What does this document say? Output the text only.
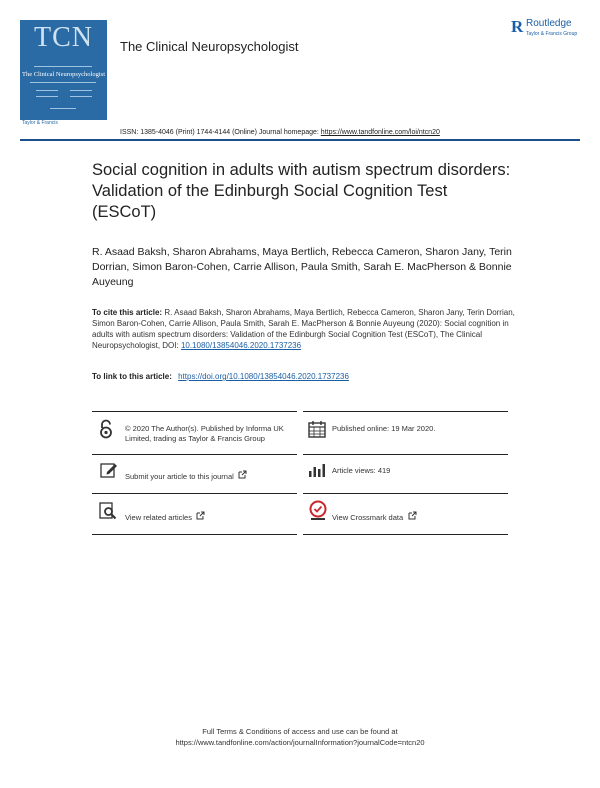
TCN
The Clinical Neuropsychologist
Taylor & Francis
The Clinical Neuropsychologist
R Routledge
Taylor & Francis Group
ISSN: 1385-4046 (Print) 1744-4144 (Online) Journal homepage: https://www.tandfonline.com/loi/ntcn20
Social cognition in adults with autism spectrum disorders: Validation of the Edinburgh Social Cognition Test (ESCoT)
R. Asaad Baksh, Sharon Abrahams, Maya Bertlich, Rebecca Cameron, Sharon Jany, Terin Dorrian, Simon Baron-Cohen, Carrie Allison, Paula Smith, Sarah E. MacPherson & Bonnie Auyeung
To cite this article: R. Asaad Baksh, Sharon Abrahams, Maya Bertlich, Rebecca Cameron, Sharon Jany, Terin Dorrian, Simon Baron-Cohen, Carrie Allison, Paula Smith, Sarah E. MacPherson & Bonnie Auyeung (2020): Social cognition in adults with autism spectrum disorders: Validation of the Edinburgh Social Cognition Test (ESCoT), The Clinical Neuropsychologist, DOI: 10.1080/13854046.2020.1737236
To link to this article: https://doi.org/10.1080/13854046.2020.1737236
© 2020 The Author(s). Published by Informa UK Limited, trading as Taylor & Francis Group
Published online: 19 Mar 2020.
Submit your article to this journal
Article views: 419
View related articles	View Crossmark data
Full Terms & Conditions of access and use can be found at
https://www.tandfonline.com/action/journalInformation?journalCode=ntcn20
